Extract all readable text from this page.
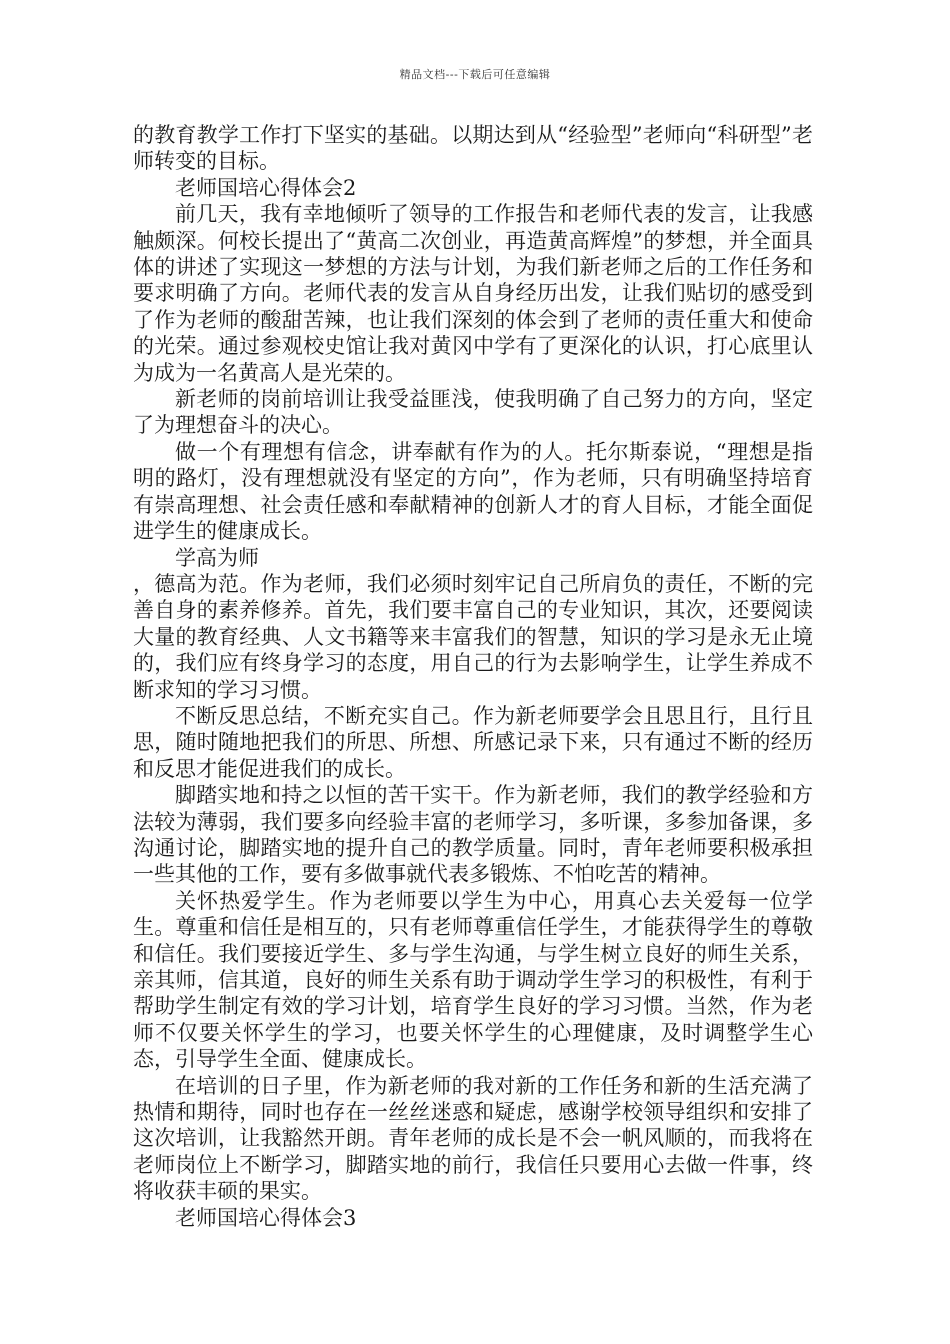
精品文档---下载后可任意编辑

的教育教学工作打下坚实的基础。以期达到从“经验型”老师向“科研型”老师转变的目标。

老师国培心得体会2

前几天，我有幸地倾听了领导的工作报告和老师代表的发言，让我感触颇深。何校长提出了“黄高二次创业，再造黄高辉煌”的梦想，并全面具体的讲述了实现这一梦想的方法与计划，为我们新老师之后的工作任务和要求明确了方向。老师代表的发言从自身经历出发，让我们贴切的感受到了作为老师的酸甜苦辣，也让我们深刻的体会到了老师的责任重大和使命的光荣。通过参观校史馆让我对黄冈中学有了更深化的认识，打心底里认为成为一名黄高人是光荣的。

新老师的岗前培训让我受益匪浅，使我明确了自己努力的方向，坚定了为理想奋斗的决心。

做一个有理想有信念，讲奉献有作为的人。托尔斯泰说，“理想是指明的路灯，没有理想就没有坚定的方向”，作为老师，只有明确坚持培育有崇高理想、社会责任感和奉献精神的创新人才的育人目标，才能全面促进学生的健康成长。

学高为师

，德高为范。作为老师，我们必须时刻牢记自己所肩负的责任，不断的完善自身的素养修养。首先，我们要丰富自己的专业知识，其次，还要阅读大量的教育经典、人文书籍等来丰富我们的智慧，知识的学习是永无止境的，我们应有终身学习的态度，用自己的行为去影响学生，让学生养成不断求知的学习习惯。

不断反思总结，不断充实自己。作为新老师要学会且思且行，且行且思，随时随地把我们的所思、所想、所感记录下来，只有通过不断的经历和反思才能促进我们的成长。

脚踏实地和持之以恒的苦干实干。作为新老师，我们的教学经验和方法较为薄弱，我们要多向经验丰富的老师学习，多听课，多参加备课，多沟通讨论，脚踏实地的提升自己的教学质量。同时，青年老师要积极承担一些其他的工作，要有多做事就代表多锻炼、不怕吃苦的精神。

关怀热爱学生。作为老师要以学生为中心，用真心去关爱每一位学生。尊重和信任是相互的，只有老师尊重信任学生，才能获得学生的尊敬和信任。我们要接近学生、多与学生沟通，与学生树立良好的师生关系，亲其师，信其道，良好的师生关系有助于调动学生学习的积极性，有利于帮助学生制定有效的学习计划，培育学生良好的学习习惯。当然，作为老师不仅要关怀学生的学习，也要关怀学生的心理健康，及时调整学生心态，引导学生全面、健康成长。

在培训的日子里，作为新老师的我对新的工作任务和新的生活充满了热情和期待，同时也存在一丝丝迷惑和疑虑，感谢学校领导组织和安排了这次培训，让我豁然开朗。青年老师的成长是不会一帆风顺的，而我将在老师岗位上不断学习，脚踏实地的前行，我信任只要用心去做一件事，终将收获丰硕的果实。

老师国培心得体会3
